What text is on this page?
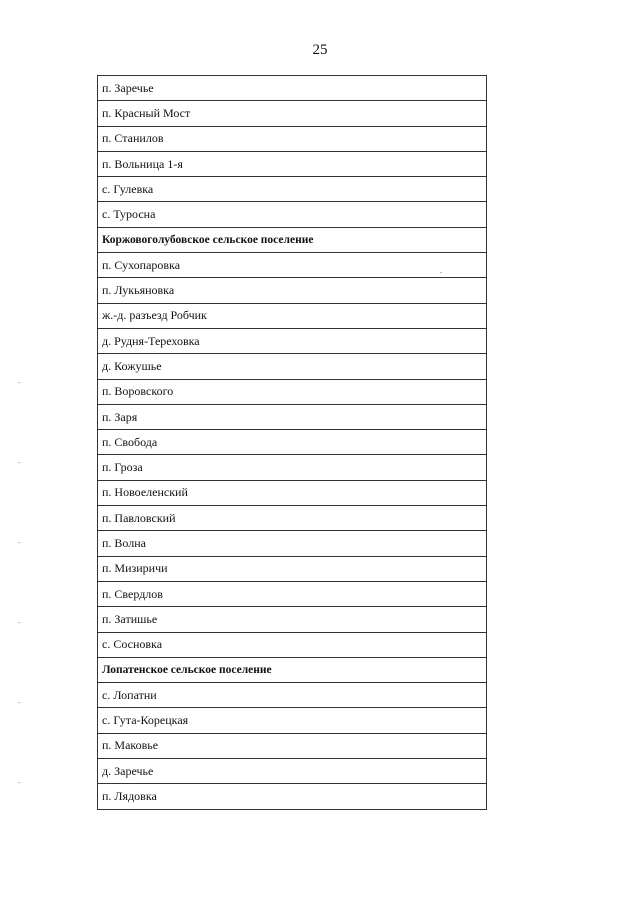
25
п. Заречье
п. Красный Мост
п. Станилов
п. Вольница 1-я
с. Гулевка
с. Туросна
Коржовоголубовское сельское поселение
п. Сухопаровка
п. Лукьяновка
ж.-д. разъезд Робчик
д. Рудня-Тереховка
д. Кожушье
п. Воровского
п. Заря
п. Свобода
п. Гроза
п. Новоеленский
п. Павловский
п. Волна
п. Мизиричи
п. Свердлов
п. Затишье
с. Сосновка
Лопатенское сельское поселение
с. Лопатни
с. Гута-Корецкая
п. Маковье
д. Заречье
п. Лядовка
